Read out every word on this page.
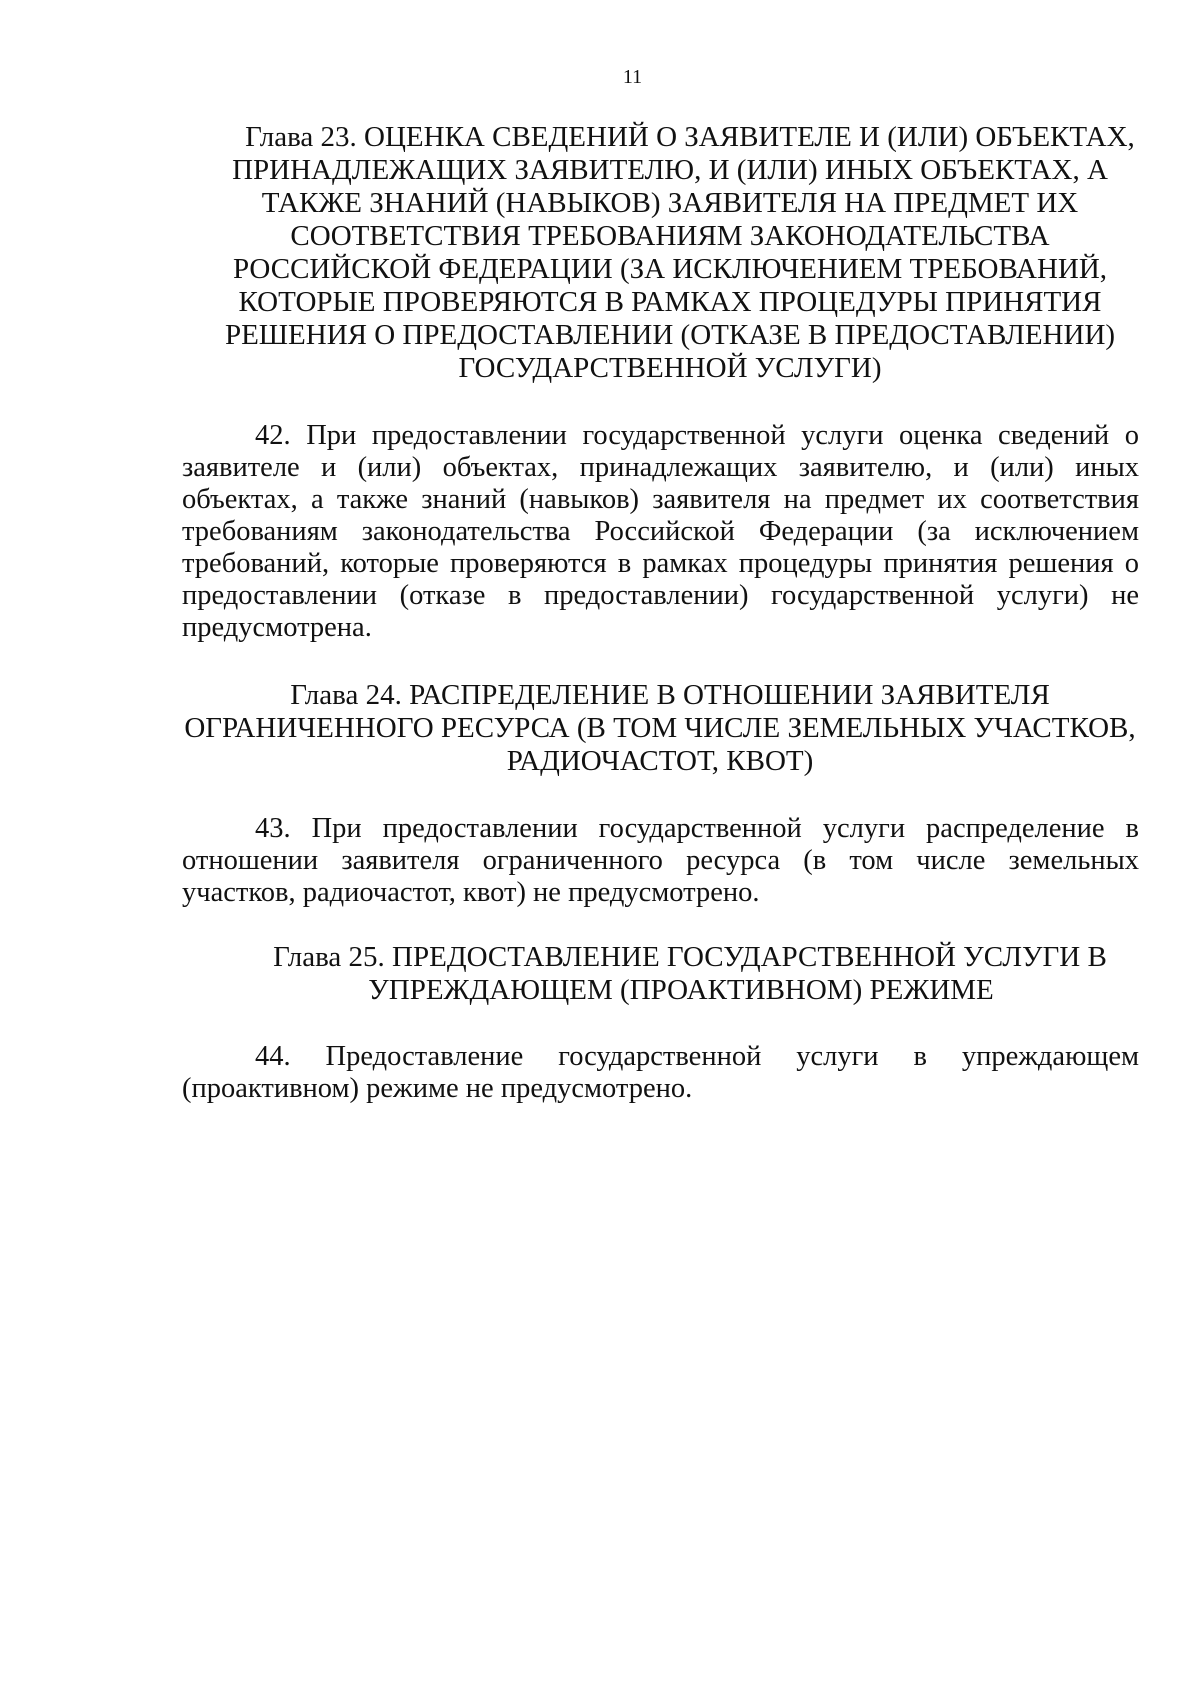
11
Глава 23. ОЦЕНКА СВЕДЕНИЙ О ЗАЯВИТЕЛЕ И (ИЛИ) ОБЪЕКТАХ,
ПРИНАДЛЕЖАЩИХ ЗАЯВИТЕЛЮ, И (ИЛИ) ИНЫХ ОБЪЕКТАХ, А
ТАКЖЕ ЗНАНИЙ (НАВЫКОВ) ЗАЯВИТЕЛЯ НА ПРЕДМЕТ ИХ
СООТВЕТСТВИЯ ТРЕБОВАНИЯМ ЗАКОНОДАТЕЛЬСТВА
РОССИЙСКОЙ ФЕДЕРАЦИИ (ЗА ИСКЛЮЧЕНИЕМ ТРЕБОВАНИЙ,
КОТОРЫЕ ПРОВЕРЯЮТСЯ В РАМКАХ ПРОЦЕДУРЫ ПРИНЯТИЯ
РЕШЕНИЯ О ПРЕДОСТАВЛЕНИИ (ОТКАЗЕ В ПРЕДОСТАВЛЕНИИ)
ГОСУДАРСТВЕННОЙ УСЛУГИ)
42. При предоставлении государственной услуги оценка сведений о
заявителе и (или) объектах, принадлежащих заявителю, и (или) иных
объектах, а также знаний (навыков) заявителя на предмет их соответствия
требованиям законодательства Российской Федерации (за исключением
требований, которые проверяются в рамках процедуры принятия решения о
предоставлении (отказе в предоставлении) государственной услуги) не
предусмотрена.
Глава 24. РАСПРЕДЕЛЕНИЕ В ОТНОШЕНИИ ЗАЯВИТЕЛЯ
ОГРАНИЧЕННОГО РЕСУРСА (В ТОМ ЧИСЛЕ ЗЕМЕЛЬНЫХ УЧАСТКОВ,
РАДИОЧАСТОТ, КВОТ)
43. При предоставлении государственной услуги распределение в
отношении заявителя ограниченного ресурса (в том числе земельных
участков, радиочастот, квот) не предусмотрено.
Глава 25. ПРЕДОСТАВЛЕНИЕ ГОСУДАРСТВЕННОЙ УСЛУГИ В
УПРЕЖДАЮЩЕМ (ПРОАКТИВНОМ) РЕЖИМЕ
44. Предоставление государственной услуги в упреждающем
(проактивном) режиме не предусмотрено.
